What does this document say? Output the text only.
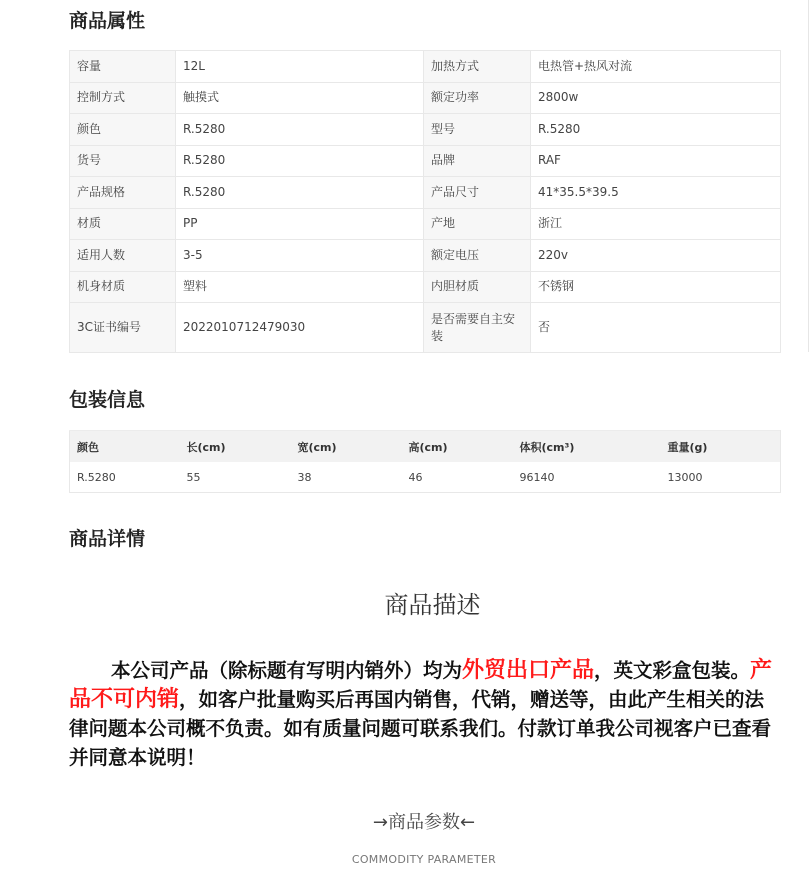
商品属性
容量	12L	加热方式	电热管+热风对流
控制方式	触摸式	额定功率	2800w
颜色	R.5280	型号	R.5280
货号	R.5280	品牌	RAF
产品规格	R.5280	产品尺寸	41*35.5*39.5
材质	PP	产地	浙江
适用人数	3-5	额定电压	220v
机身材质	塑料	内胆材质	不锈钢
3C证书编号	2022010712479030	是否需要自主安装	否
包装信息
颜色	长(cm)	宽(cm)	高(cm)	体积(cm³)	重量(g)
R.5280	55	38	46	96140	13000
商品详情
商品描述

本公司产品（除标题有写明内销外）均为外贸出口产品，英文彩盒包装。产品不可内销，如客户批量购买后再国内销售，代销，赠送等，由此产生相关的法律问题本公司概不负责。如有质量问题可联系我们。付款订单我公司视客户已查看并同意本说明！

→商品参数←
COMMODITY PARAMETER
